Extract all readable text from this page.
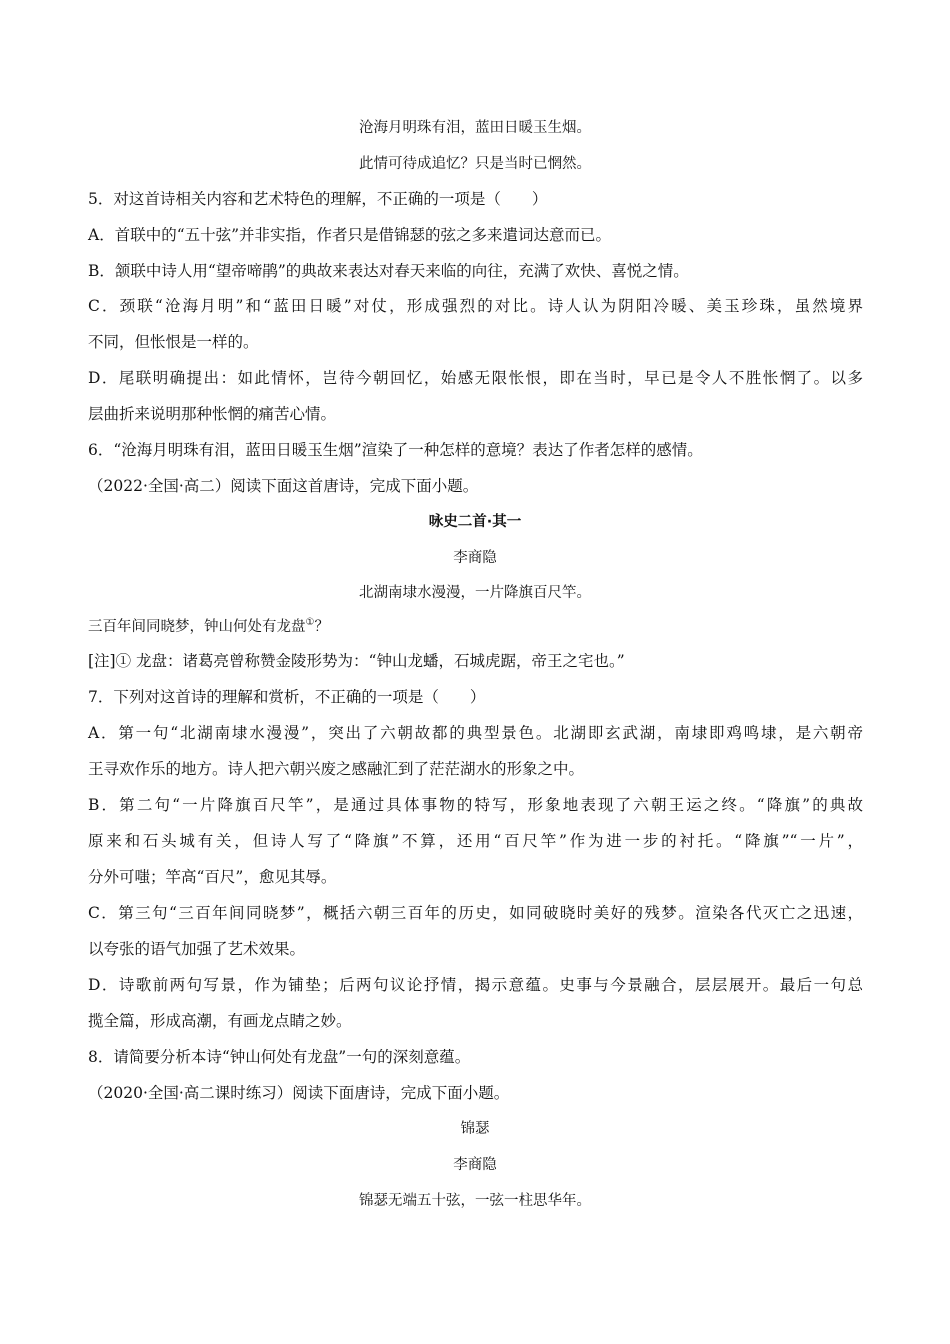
沧海月明珠有泪，蓝田日暖玉生烟。
此情可待成追忆？只是当时已惘然。
5．对这首诗相关内容和艺术特色的理解，不正确的一项是（　　）
A．首联中的“五十弦”并非实指，作者只是借锦瑟的弦之多来遣词达意而已。
B．颔联中诗人用“望帝啼鹃”的典故来表达对春天来临的向往，充满了欢快、喜悦之情。
C．颈联“沧海月明”和“蓝田日暖”对仗，形成强烈的对比。诗人认为阴阳冷暖、美玉珍珠，虽然境界
不同，但怅恨是一样的。
D．尾联明确提出：如此情怀，岂待今朝回忆，始感无限怅恨，即在当时，早已是令人不胜怅惘了。以多
层曲折来说明那种怅惘的痛苦心情。
6．“沧海月明珠有泪，蓝田日暖玉生烟”渲染了一种怎样的意境？表达了作者怎样的感情。
（2022·全国·高二）阅读下面这首唐诗，完成下面小题。
咏史二首·其一
李商隐
北湖南埭水漫漫，一片降旗百尺竿。
三百年间同晓梦，钟山何处有龙盘①？
[注]① 龙盘：诸葛亮曾称赞金陵形势为：“钟山龙蟠，石城虎踞，帝王之宅也。”
7．下列对这首诗的理解和赏析，不正确的一项是（　　）
A．第一句“北湖南埭水漫漫”，突出了六朝故都的典型景色。北湖即玄武湖，南埭即鸡鸣埭，是六朝帝
王寻欢作乐的地方。诗人把六朝兴废之感融汇到了茫茫湖水的形象之中。
B．第二句“一片降旗百尺竿”，是通过具体事物的特写，形象地表现了六朝王运之终。“降旗”的典故
原来和石头城有关，但诗人写了“降旗”不算，还用“百尺竿”作为进一步的衬托。“降旗”“一片”，
分外可嗤；竿高“百尺”，愈见其辱。
C．第三句“三百年间同晓梦”，概括六朝三百年的历史，如同破晓时美好的残梦。渲染各代灭亡之迅速，
以夸张的语气加强了艺术效果。
D．诗歌前两句写景，作为铺垫；后两句议论抒情，揭示意蕴。史事与今景融合，层层展开。最后一句总
揽全篇，形成高潮，有画龙点睛之妙。
8．请简要分析本诗“钟山何处有龙盘”一句的深刻意蕴。
（2020·全国·高二课时练习）阅读下面唐诗，完成下面小题。
锦瑟
李商隐
锦瑟无端五十弦，一弦一柱思华年。
